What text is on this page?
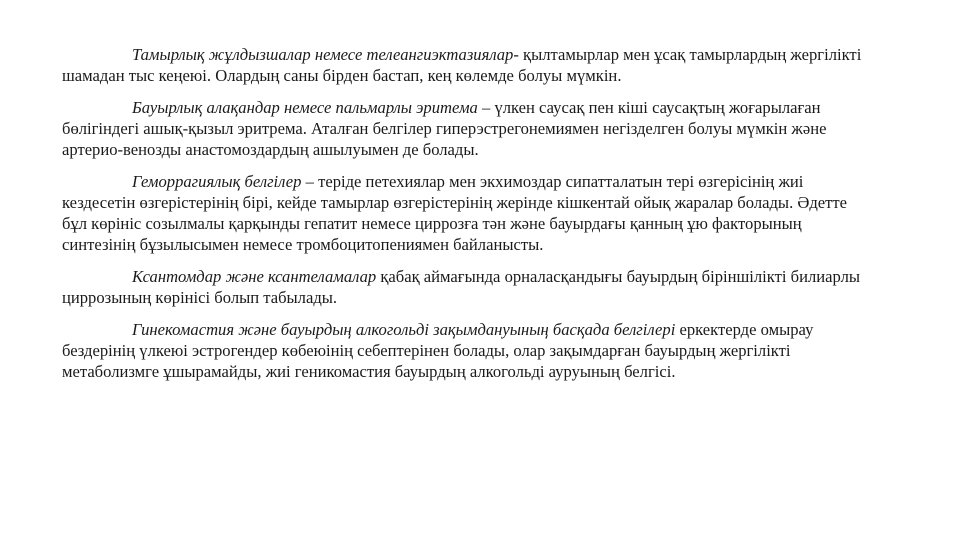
Тамырлық жұлдызшалар немесе телеангиэктазиялар- қылтамырлар мен ұсақ тамырлардың жергілікті шамадан тыс кеңеюі. Олардың саны бірден бастап, кең көлемде болуы мүмкін.

Бауырлық алақандар немесе пальмарлы эритема – үлкен саусақ пен кіші саусақтың жоғарылаған бөлігіндегі ашық-қызыл эритрема. Аталған белгілер гиперэстрегонемиямен негізделген болуы мүмкін және артерио-венозды анастомоздардың ашылуымен де болады.

Геморрагиялық белгілер – теріде петехиялар мен экхимоздар сипатталатын тері өзгерісінің жиі кездесетін өзгерістерінің бірі, кейде тамырлар өзгерістерінің жерінде кішкентай ойық жаралар болады. Әдетте бұл көрініс созылмалы қарқынды гепатит немесе циррозға тән және бауырдағы қанның ұю факторының синтезінің бұзылысымен немесе тромбоцитопениямен байланысты.

Ксантомдар және ксантеламалар қабақ аймағында орналасқандығы бауырдың біріншілікті билиарлы циррозының көрінісі болып табылады.

Гинекомастия және бауырдың алкогольді зақымдануының басқада белгілері еркектерде омырау бездерінің үлкеюі эстрогендер көбеюінің себептерінен болады, олар зақымдарған бауырдың жергілікті метаболизмге ұшырамайды, жиі геникомастия бауырдың алкогольді ауруының белгісі.
